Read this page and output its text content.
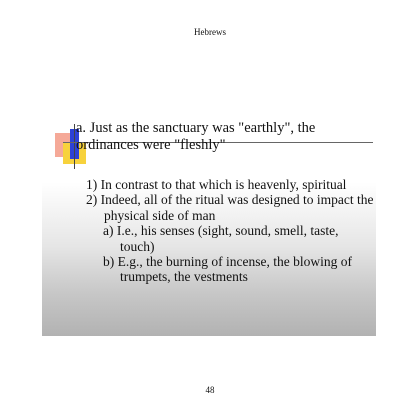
Hebrews
a. Just as the sanctuary was "earthly", the ordinances were "fleshly"

1) In contrast to that which is heavenly, spiritual

2) Indeed, all of the ritual was designed to impact the physical side of man

a) I.e., his senses (sight, sound, smell, taste, touch)

b) E.g., the burning of incense, the blowing of trumpets, the vestments

48
